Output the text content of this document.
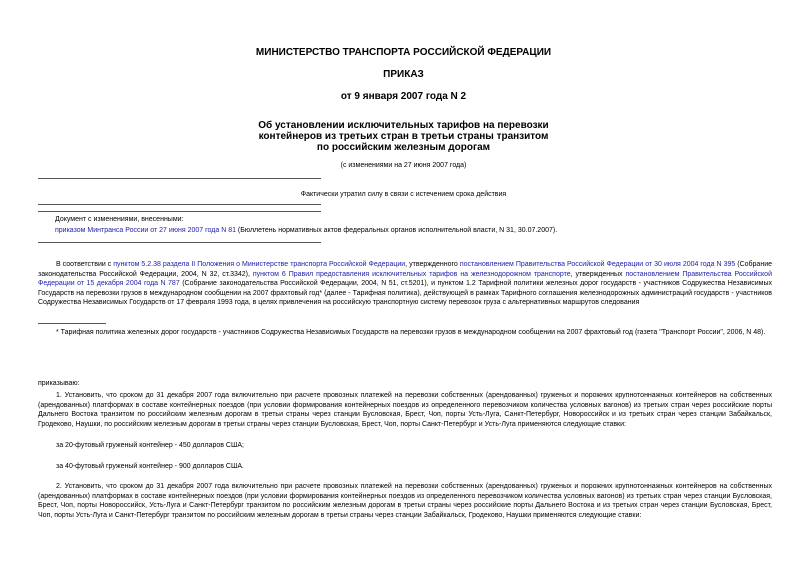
МИНИСТЕРСТВО ТРАНСПОРТА РОССИЙСКОЙ ФЕДЕРАЦИИ
ПРИКАЗ
от 9 января 2007 года N 2
Об установлении исключительных тарифов на перевозки
контейнеров из третьих стран в третьи страны транзитом
по российским железным дорогам
(с изменениями на 27 июня 2007 года)
Фактически утратил силу в связи с истечением срока действия
Документ с изменениями, внесенными:
приказом Минтранса России от 27 июня 2007 года N 81 (Бюллетень нормативных актов федеральных органов исполнительной власти, N 31, 30.07.2007).
В соответствии с пунктом 5.2.38 раздела II Положения о Министерстве транспорта Российской Федерации, утвержденного постановлением Правительства Российской Федерации от 30 июля 2004 года N 395 (Собрание законодательства Российской Федерации, 2004, N 32, ст.3342), пунктом 6 Правил предоставления исключительных тарифов на железнодорожном транспорте, утвержденных постановлением Правительства Российской Федерации от 15 декабря 2004 года N 787 (Собрание законодательства Российской Федерации, 2004, N 51, ст.5201), и пунктом 1.2 Тарифной политики железных дорог государств - участников Содружества Независимых Государств на перевозки грузов в международном сообщении на 2007 фрахтовый год* (далее - Тарифная политика), действующей в рамках Тарифного соглашения железнодорожных администраций государств - участников Содружества Независимых Государств от 17 февраля 1993 года, в целях привлечения на российскую транспортную систему перевозок груза с альтернативных маршрутов следования
* Тарифная политика железных дорог государств - участников Содружества Независимых Государств на перевозки грузов в международном сообщении на 2007 фрахтовый год (газета "Транспорт России", 2006, N 48).
приказываю:
1. Установить, что сроком до 31 декабря 2007 года включительно при расчете провозных платежей на перевозки собственных (арендованных) груженых и порожних крупнотоннажных контейнеров на собственных (арендованных) платформах в составе контейнерных поездов (при условии формирования контейнерных поездов из определенного перевозчиком количества условных вагонов) из третьих стран через российские порты Дальнего Востока транзитом по российским железным дорогам в третьи страны через станции Бусловская, Брест, Чоп, порты Усть-Луга, Санкт-Петербург, Новороссийск и из третьих стран через станции Забайкальск, Гродеково, Наушки, по российским железным дорогам в третьи страны через станции Бусловская, Брест, Чоп, порты Санкт-Петербург и Усть-Луга применяются следующие ставки:
за 20-футовый груженый контейнер - 450 долларов США;
за 40-футовый груженый контейнер - 900 долларов США.
2. Установить, что сроком до 31 декабря 2007 года включительно при расчете провозных платежей на перевозки собственных (арендованных) груженых и порожних крупнотоннажных контейнеров на собственных (арендованных) платформах в составе контейнерных поездов (при условии формирования контейнерных поездов из определенного перевозчиком количества условных вагонов) из третьих стран через станции Бусловская, Брест, Чоп, порты Новороссийск, Усть-Луга и Санкт-Петербург транзитом по российским железным дорогам в третьи страны через российские порты Дальнего Востока и из третьих стран через станции Бусловская, Брест, Чоп, порты Усть-Луга и Санкт-Петербург транзитом по российским железным дорогам в третьи страны через станции Забайкальск, Гродеково, Наушки применяются следующие ставки:
